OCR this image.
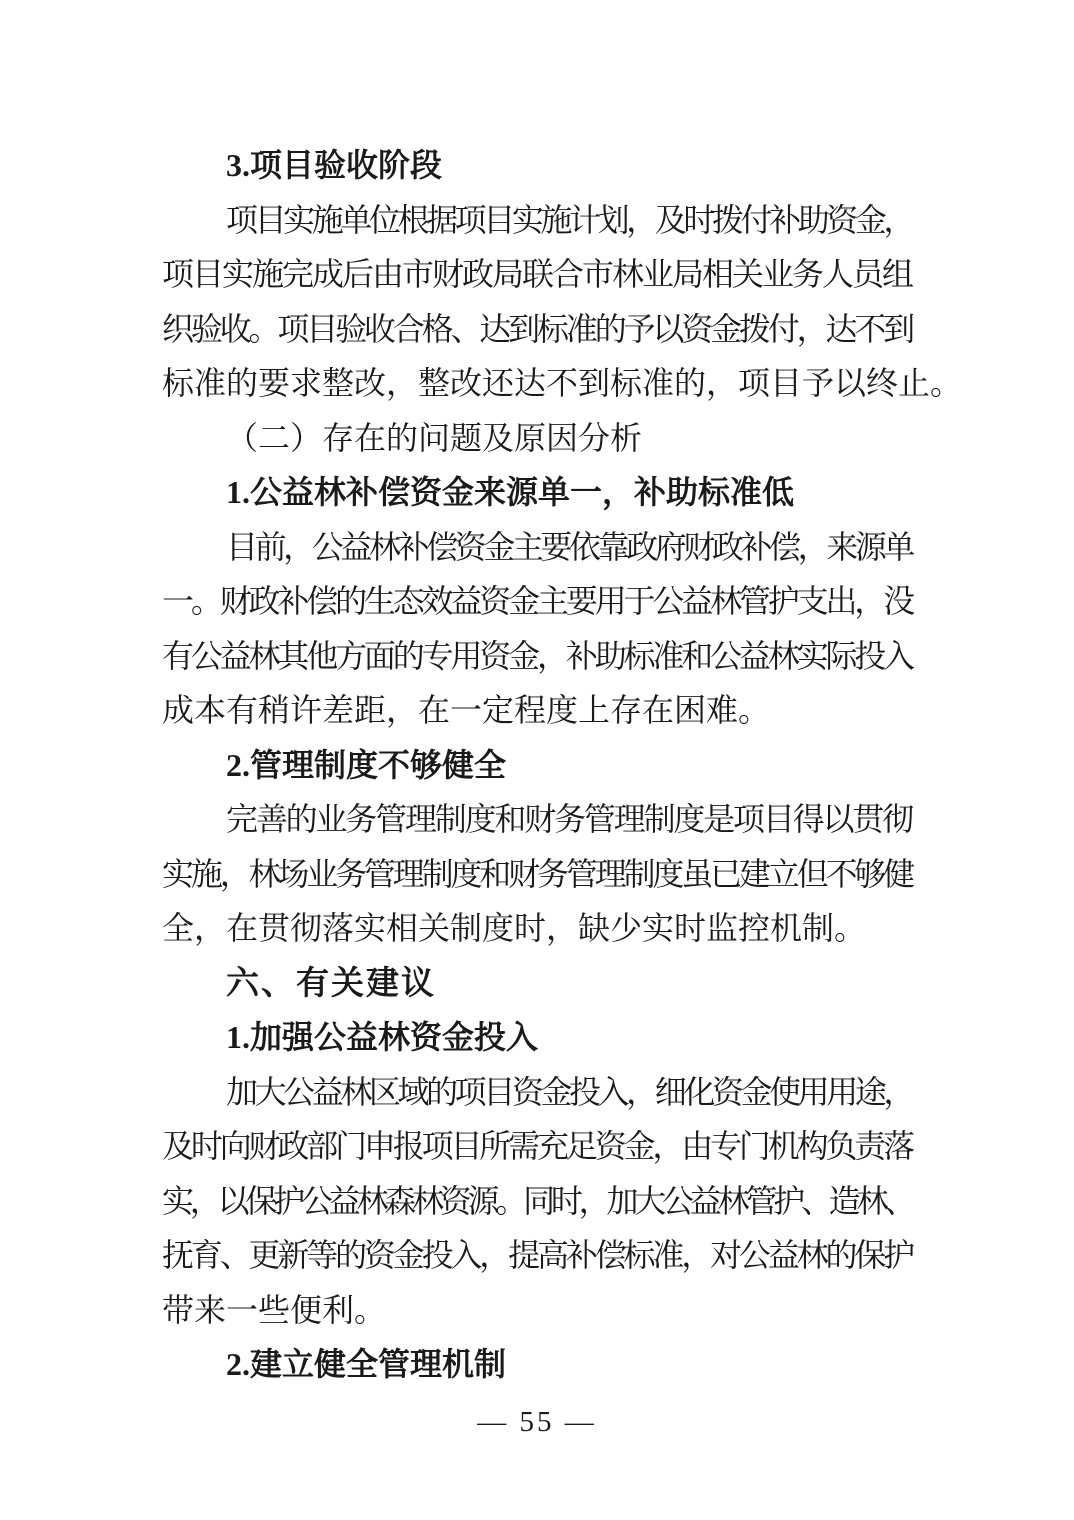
3.项目验收阶段
项目实施单位根据项目实施计划，及时拨付补助资金，
项目实施完成后由市财政局联合市林业局相关业务人员组
织验收。项目验收合格、达到标准的予以资金拨付，达不到
标准的要求整改，整改还达不到标准的，项目予以终止。
（二）存在的问题及原因分析
1.公益林补偿资金来源单一，补助标准低
目前，公益林补偿资金主要依靠政府财政补偿，来源单
一。财政补偿的生态效益资金主要用于公益林管护支出，没
有公益林其他方面的专用资金，补助标准和公益林实际投入
成本有稍许差距，在一定程度上存在困难。
2.管理制度不够健全
完善的业务管理制度和财务管理制度是项目得以贯彻
实施，林场业务管理制度和财务管理制度虽已建立但不够健
全，在贯彻落实相关制度时，缺少实时监控机制。
六、有关建议
1.加强公益林资金投入
加大公益林区域的项目资金投入，细化资金使用用途，
及时向财政部门申报项目所需充足资金，由专门机构负责落
实，以保护公益林森林资源。同时，加大公益林管护、造林、
抚育、更新等的资金投入，提高补偿标准，对公益林的保护
带来一些便利。
2.建立健全管理机制
— 55 —
